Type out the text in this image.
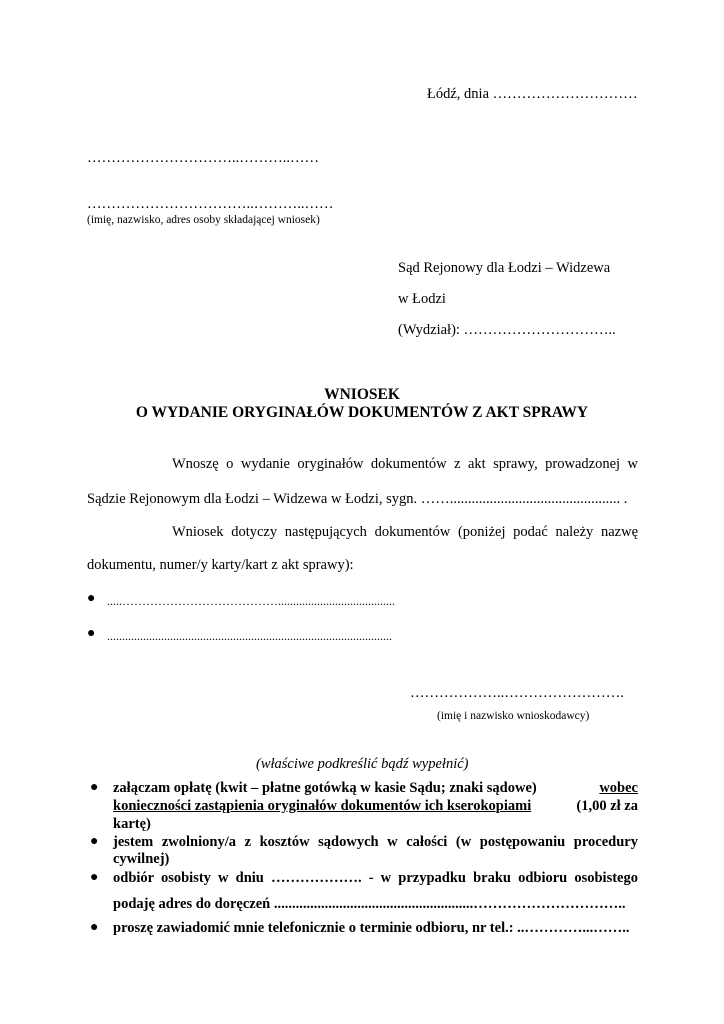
Łódź, dnia …………………………
…………………………..………..……
……………………………..………..……
(imię, nazwisko, adres osoby składającej wniosek)
Sąd Rejonowy dla Łodzi – Widzewa
w Łodzi
(Wydział): …………………………..
WNIOSEK
O WYDANIE ORYGINAŁÓW DOKUMENTÓW Z AKT SPRAWY
Wnoszę o wydanie oryginałów dokumentów z akt sprawy, prowadzonej w
Sądzie Rejonowym dla Łodzi – Widzewa w Łodzi, sygn. ……............................................... .
Wniosek dotyczy następujących dokumentów (poniżej podać należy nazwę
dokumentu, numer/y karty/kart z akt sprawy):
● .....………………………………….......................................
● ...............................................................................................
………………..…………………….
(imię i nazwisko wnioskodawcy)
(właściwe podkreślić bądź wypełnić)
● załączam opłatę (kwit – płatne gotówką w kasie Sądu; znaki sądowe)	wobec
konieczności zastąpienia oryginałów dokumentów ich kserokopiami	(1,00 zł za
kartę)
● jestem zwolniony/a z kosztów sądowych w całości (w postępowaniu procedury
cywilnej)
● odbiór osobisty w dniu ………………. - w przypadku braku odbioru osobistego
podaję adres do doręczeń .......................................................…………………………..
● proszę zawiadomić mnie telefonicznie o terminie odbioru, nr tel.: ..…………...……..
